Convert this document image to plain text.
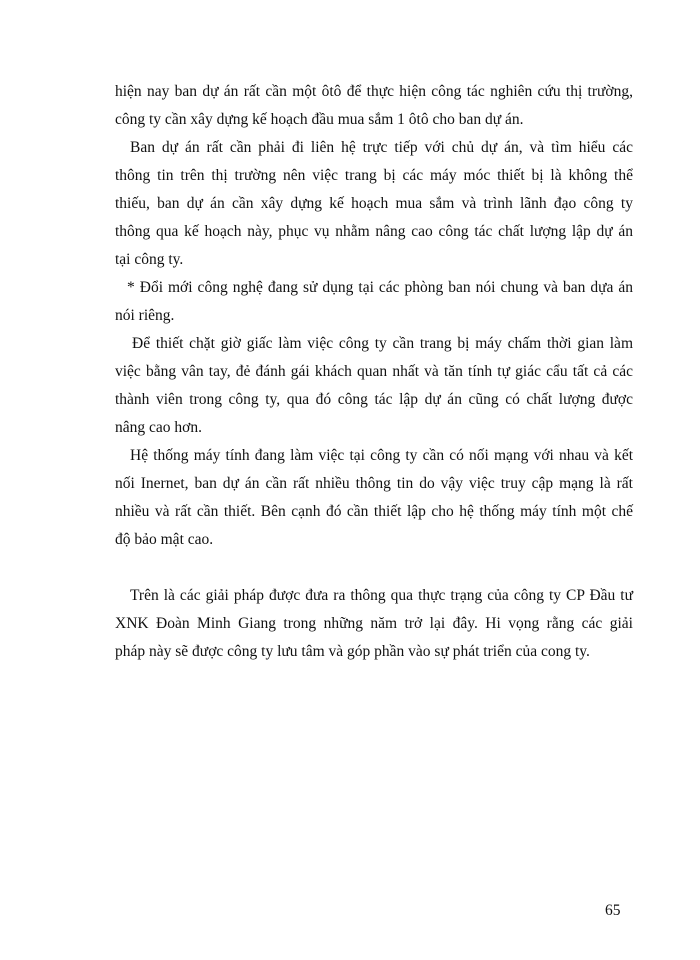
hiện nay ban dự án rất cần một ôtô để thực hiện công tác nghiên cứu thị trường,
công ty cần xây dựng kế hoạch đầu mua sắm 1 ôtô cho ban dự án.
Ban dự án rất cần phải đi liên hệ trực tiếp với chủ dự án, và tìm hiểu các
thông tin trên thị trường nên việc trang bị các máy móc thiết bị là không thể
thiếu, ban dự án cần xây dựng kế hoạch mua sắm và trình lãnh đạo công ty
thông qua kế hoạch này, phục vụ nhằm nâng cao công tác chất lượng lập dự án
tại công ty.
* Đổi mới công nghệ đang sử dụng tại các phòng ban nói chung và ban dựa án
nói riêng.
Để thiết chặt giờ giấc làm việc công ty cần trang bị máy chấm thời gian làm
việc bằng vân tay, đẻ đánh gái khách quan nhất và tăn tính tự giác cẩu tất cả các
thành viên trong công ty, qua đó công tác lập dự án cũng có chất lượng được
nâng cao hơn.
Hệ thống máy tính đang làm việc tại công ty cần có nối mạng với nhau và kết
nối Inernet, ban dự án cần rất nhiều thông tin do vậy việc truy cập mạng là rất
nhiều và rất cần thiết. Bên cạnh đó cần thiết lập cho hệ thống máy tính một chế
độ bảo mật cao.
Trên là các giải pháp được đưa ra thông qua thực trạng của công ty CP Đầu tư
XNK Đoàn Minh Giang trong những năm trở lại đây. Hi vọng rằng các giải
pháp này sẽ được công ty lưu tâm và góp phần vào sự phát triển của cong ty.
65
